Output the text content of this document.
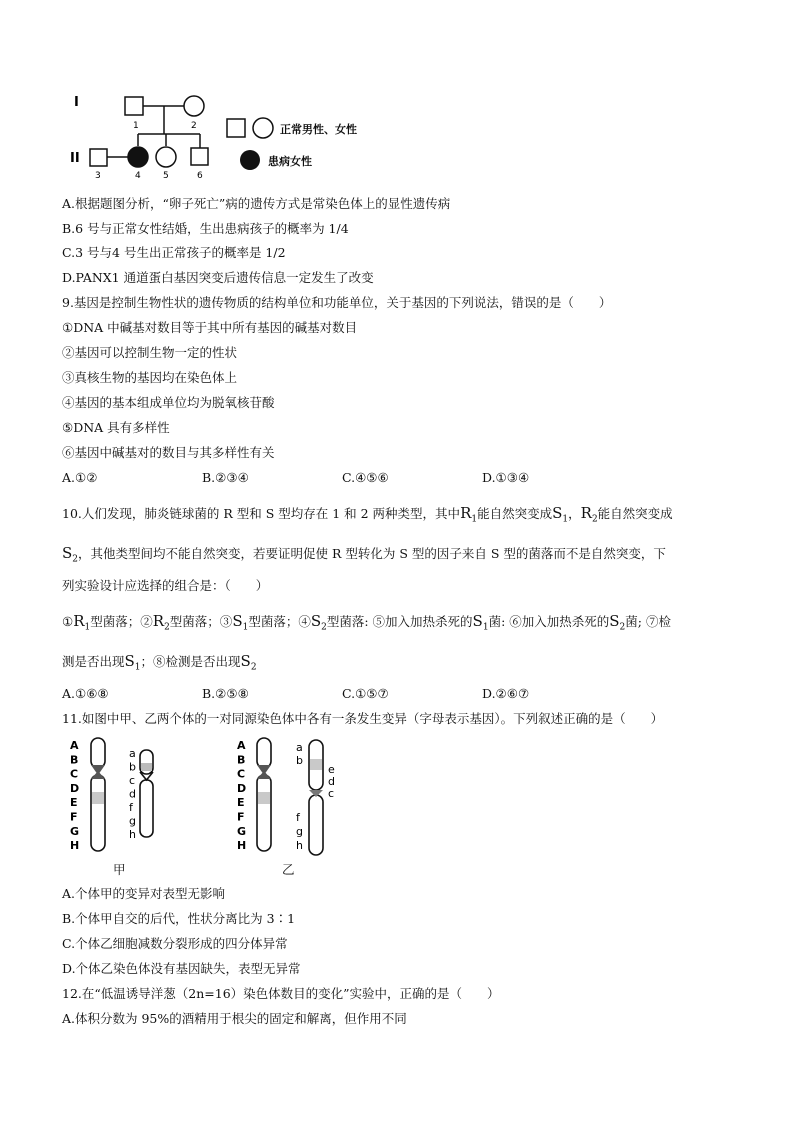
I
II
1	2
3	4 5	6
正常男性、女性
患病女性
A.根据题图分析，“卵子死亡”病的遗传方式是常染色体上的显性遗传病
B.6 号与正常女性结婚，生出患病孩子的概率为 1/4
C.3 号与4 号生出正常孩子的概率是 1/2
D.PANX1 通道蛋白基因突变后遗传信息一定发生了改变
9.基因是控制生物性状的遗传物质的结构单位和功能单位，关于基因的下列说法，错误的是（　　）
①DNA 中碱基对数目等于其中所有基因的碱基对数目
②基因可以控制生物一定的性状
③真核生物的基因均在染色体上
④基因的基本组成单位均为脱氧核苷酸
⑤DNA 具有多样性
⑥基因中碱基对的数目与其多样性有关
A.①②	B.②③④	C.④⑤⑥	D.①③④
10.人们发现，肺炎链球菌的 R 型和 S 型均存在 1 和 2 两种类型，其中$R_1$能自然突变成$S_1$，$R_2$能自然突变成
$S_2$，其他类型间均不能自然突变，若要证明促使 R 型转化为 S 型的因子来自 S 型的菌落而不是自然突变，下
列实验设计应选择的组合是：（　　）
$①R_1$型菌落；$②R_2$型菌落；$③S_1$型菌落；$④S_2$型菌落: ⑤加入加热杀死的$S_1$菌: ⑥加入加热杀死的$S_2$菌; ⑦检
测是否出现$S_1$；⑧检测是否出现$S_2$
A.①⑥⑧	B.②⑤⑧	C.①⑤⑦	D.②⑥⑦
11.如图中甲、乙两个体的一对同源染色体中各有一条发生变异（字母表示基因）。下列叙述正确的是（　　）
A
B
C
D
E
F
G
H
a
b
c
d
f
g
h
A
B
C
D
E
F
G
H
a
b
e
d
c
f
g
h
甲	乙
A.个体甲的变异对表型无影响
B.个体甲自交的后代，性状分离比为 3∶1
C.个体乙细胞减数分裂形成的四分体异常
D.个体乙染色体没有基因缺失，表型无异常
12.在“低温诱导洋葱（2n=16）染色体数目的变化”实验中，正确的是（　　）
A.体积分数为 95%的酒精用于根尖的固定和解离，但作用不同
